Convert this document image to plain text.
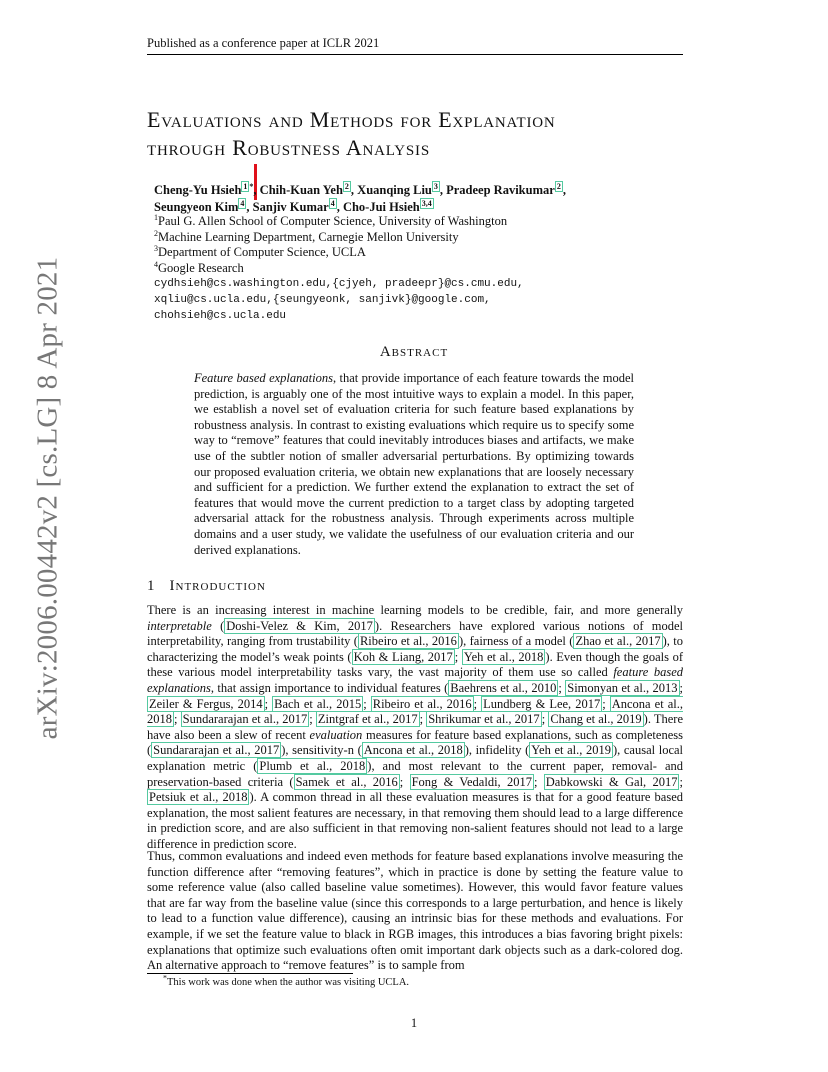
Published as a conference paper at ICLR 2021
arXiv:2006.00442v2 [cs.LG] 8 Apr 2021
Evaluations and Methods for Explanation
through Robustness Analysis
Cheng-Yu Hsieh $^{1 *}$, Chih-Kuan Yeh $^2$ , Xuanqing Liu $^3$ , Pradeep Ravikumar $^2$ ,
Seungyeon Kim $^4$ , Sanjiv Kumar $^4$ , Cho-Jui Hsieh $^{3,4}$
$^1$Paul G. Allen School of Computer Science, University of Washington
$^2$Machine Learning Department, Carnegie Mellon University
$^3$Department of Computer Science, UCLA
$^4$Google Research
cydhsieh@cs.washington.edu,{cjyeh, pradeepr}@cs.cmu.edu,
xqliu@cs.ucla.edu,{seungyeonk, sanjivk}@google.com,
chohsieh@cs.ucla.edu
Abstract
Feature based explanations, that provide importance of each feature towards the model prediction, is arguably one of the most intuitive ways to explain a model. In this paper, we establish a novel set of evaluation criteria for such feature based explanations by robustness analysis. In contrast to existing evaluations which require us to specify some way to “remove” features that could inevitably introduces biases and artifacts, we make use of the subtler notion of smaller adversarial perturbations. By optimizing towards our proposed evaluation criteria, we obtain new explanations that are loosely necessary and sufficient for a prediction. We further extend the explanation to extract the set of features that would move the current prediction to a target class by adopting targeted adversarial attack for the robustness analysis. Through experiments across multiple domains and a user study, we validate the usefulness of our evaluation criteria and our derived explanations.
1 Introduction
There is an increasing interest in machine learning models to be credible, fair, and more generally interpretable ( Doshi-Velez & Kim, 2017 ). Researchers have explored various notions of model interpretability, ranging from trustability ( Ribeiro et al., 2016 ), fairness of a model ( Zhao et al., 2017 ), to characterizing the model’s weak points ( Koh & Liang, 2017 ; Yeh et al., 2018 ). Even though the goals of these various model interpretability tasks vary, the vast majority of them use so called feature based explanations, that assign importance to individual features ( Baehrens et al., 2010 ; Simonyan et al., 2013 ; Zeiler & Fergus, 2014 ; Bach et al., 2015 ; Ribeiro et al., 2016 ; Lundberg & Lee, 2017 ; Ancona et al., 2018 ; Sundararajan et al., 2017 ; Zintgraf et al., 2017 ; Shrikumar et al., 2017 ; Chang et al., 2019 ). There have also been a slew of recent evaluation measures for feature based explanations, such as completeness ( Sundararajan et al., 2017 ), sensitivity-n ( Ancona et al., 2018 ), infidelity ( Yeh et al., 2019 ), causal local explanation metric ( Plumb et al., 2018 ), and most relevant to the current paper, removal- and preservation-based criteria ( Samek et al., 2016 ; Fong & Vedaldi, 2017 ; Dabkowski & Gal, 2017 ; Petsiuk et al., 2018 ). A common thread in all these evaluation measures is that for a good feature based explanation, the most salient features are necessary, in that removing them should lead to a large difference in prediction score, and are also sufficient in that removing non-salient features should not lead to a large difference in prediction score.
Thus, common evaluations and indeed even methods for feature based explanations involve measuring the function difference after “removing features”, which in practice is done by setting the feature value to some reference value (also called baseline value sometimes). However, this would favor feature values that are far way from the baseline value (since this corresponds to a large perturbation, and hence is likely to lead to a function value difference), causing an intrinsic bias for these methods and evaluations. For example, if we set the feature value to black in RGB images, this introduces a bias favoring bright pixels: explanations that optimize such evaluations often omit important dark objects such as a dark-colored dog. An alternative approach to “remove features” is to sample from
*This work was done when the author was visiting UCLA.
1
